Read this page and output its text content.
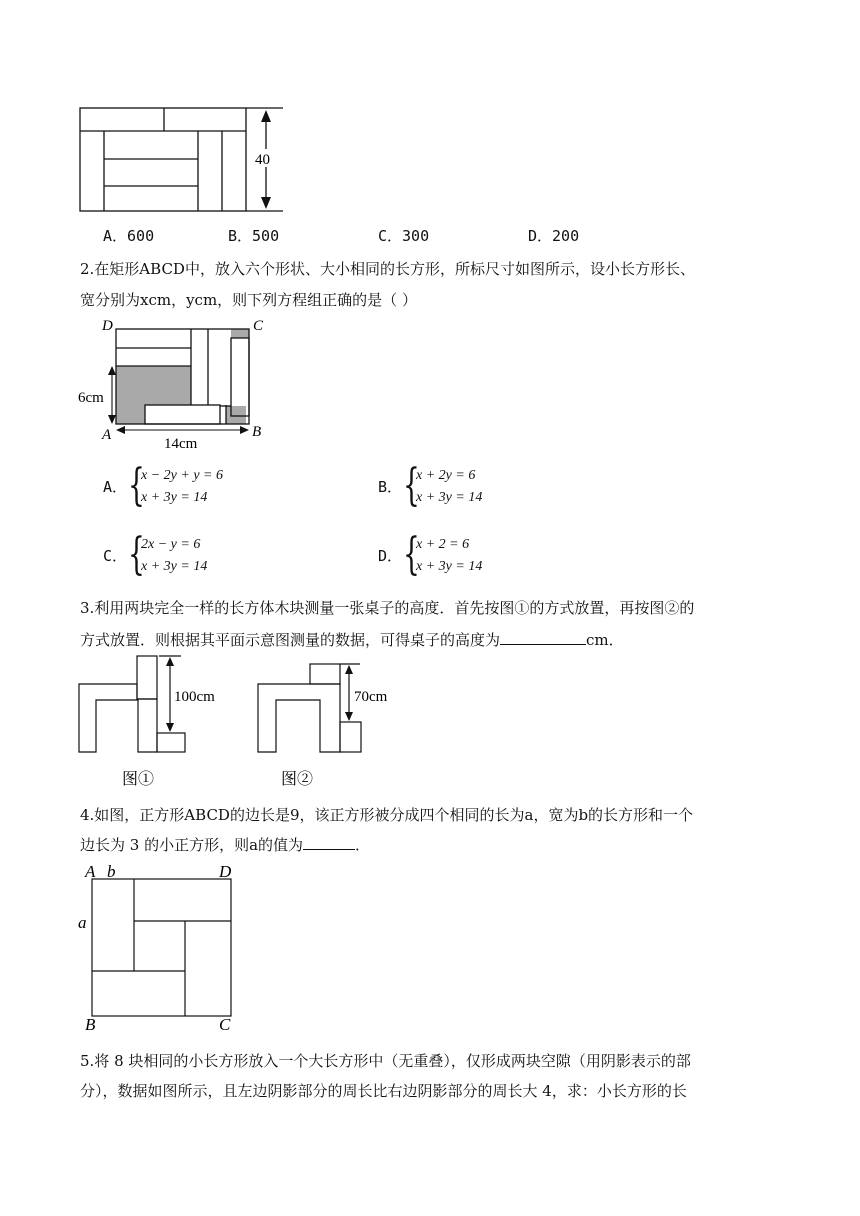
40
A．600	B．500	C．300	D．200
2.在矩形ABCD中，放入六个形状、大小相同的长方形，所标尺寸如图所示，设小长方形长、
宽分别为xcm，ycm，则下列方程组正确的是（ ）
D	C
A	B
6cm
14cm
A． {
x − 2y + y = 6
x + 3y = 14
B． {
x + 2y = 6
x + 3y = 14
C． {
2x − y = 6
x + 3y = 14
D． {
x + 2 = 6
x + 3y = 14
3.利用两块完全一样的长方体木块测量一张桌子的高度．首先按图①的方式放置，再按图②的
方式放置．则根据其平面示意图测量的数据，可得桌子的高度为	cm．
100cm
图①
70cm
图②
4.如图，正方形ABCD的边长是9，该正方形被分成四个相同的长为a，宽为b的长方形和一个
边长为 3 的小正方形，则a的值为	．
A b	D
a
B	C
5.将 8 块相同的小长方形放入一个大长方形中（无重叠），仅形成两块空隙（用阴影表示的部
分），数据如图所示，且左边阴影部分的周长比右边阴影部分的周长大 4，求：小长方形的长
